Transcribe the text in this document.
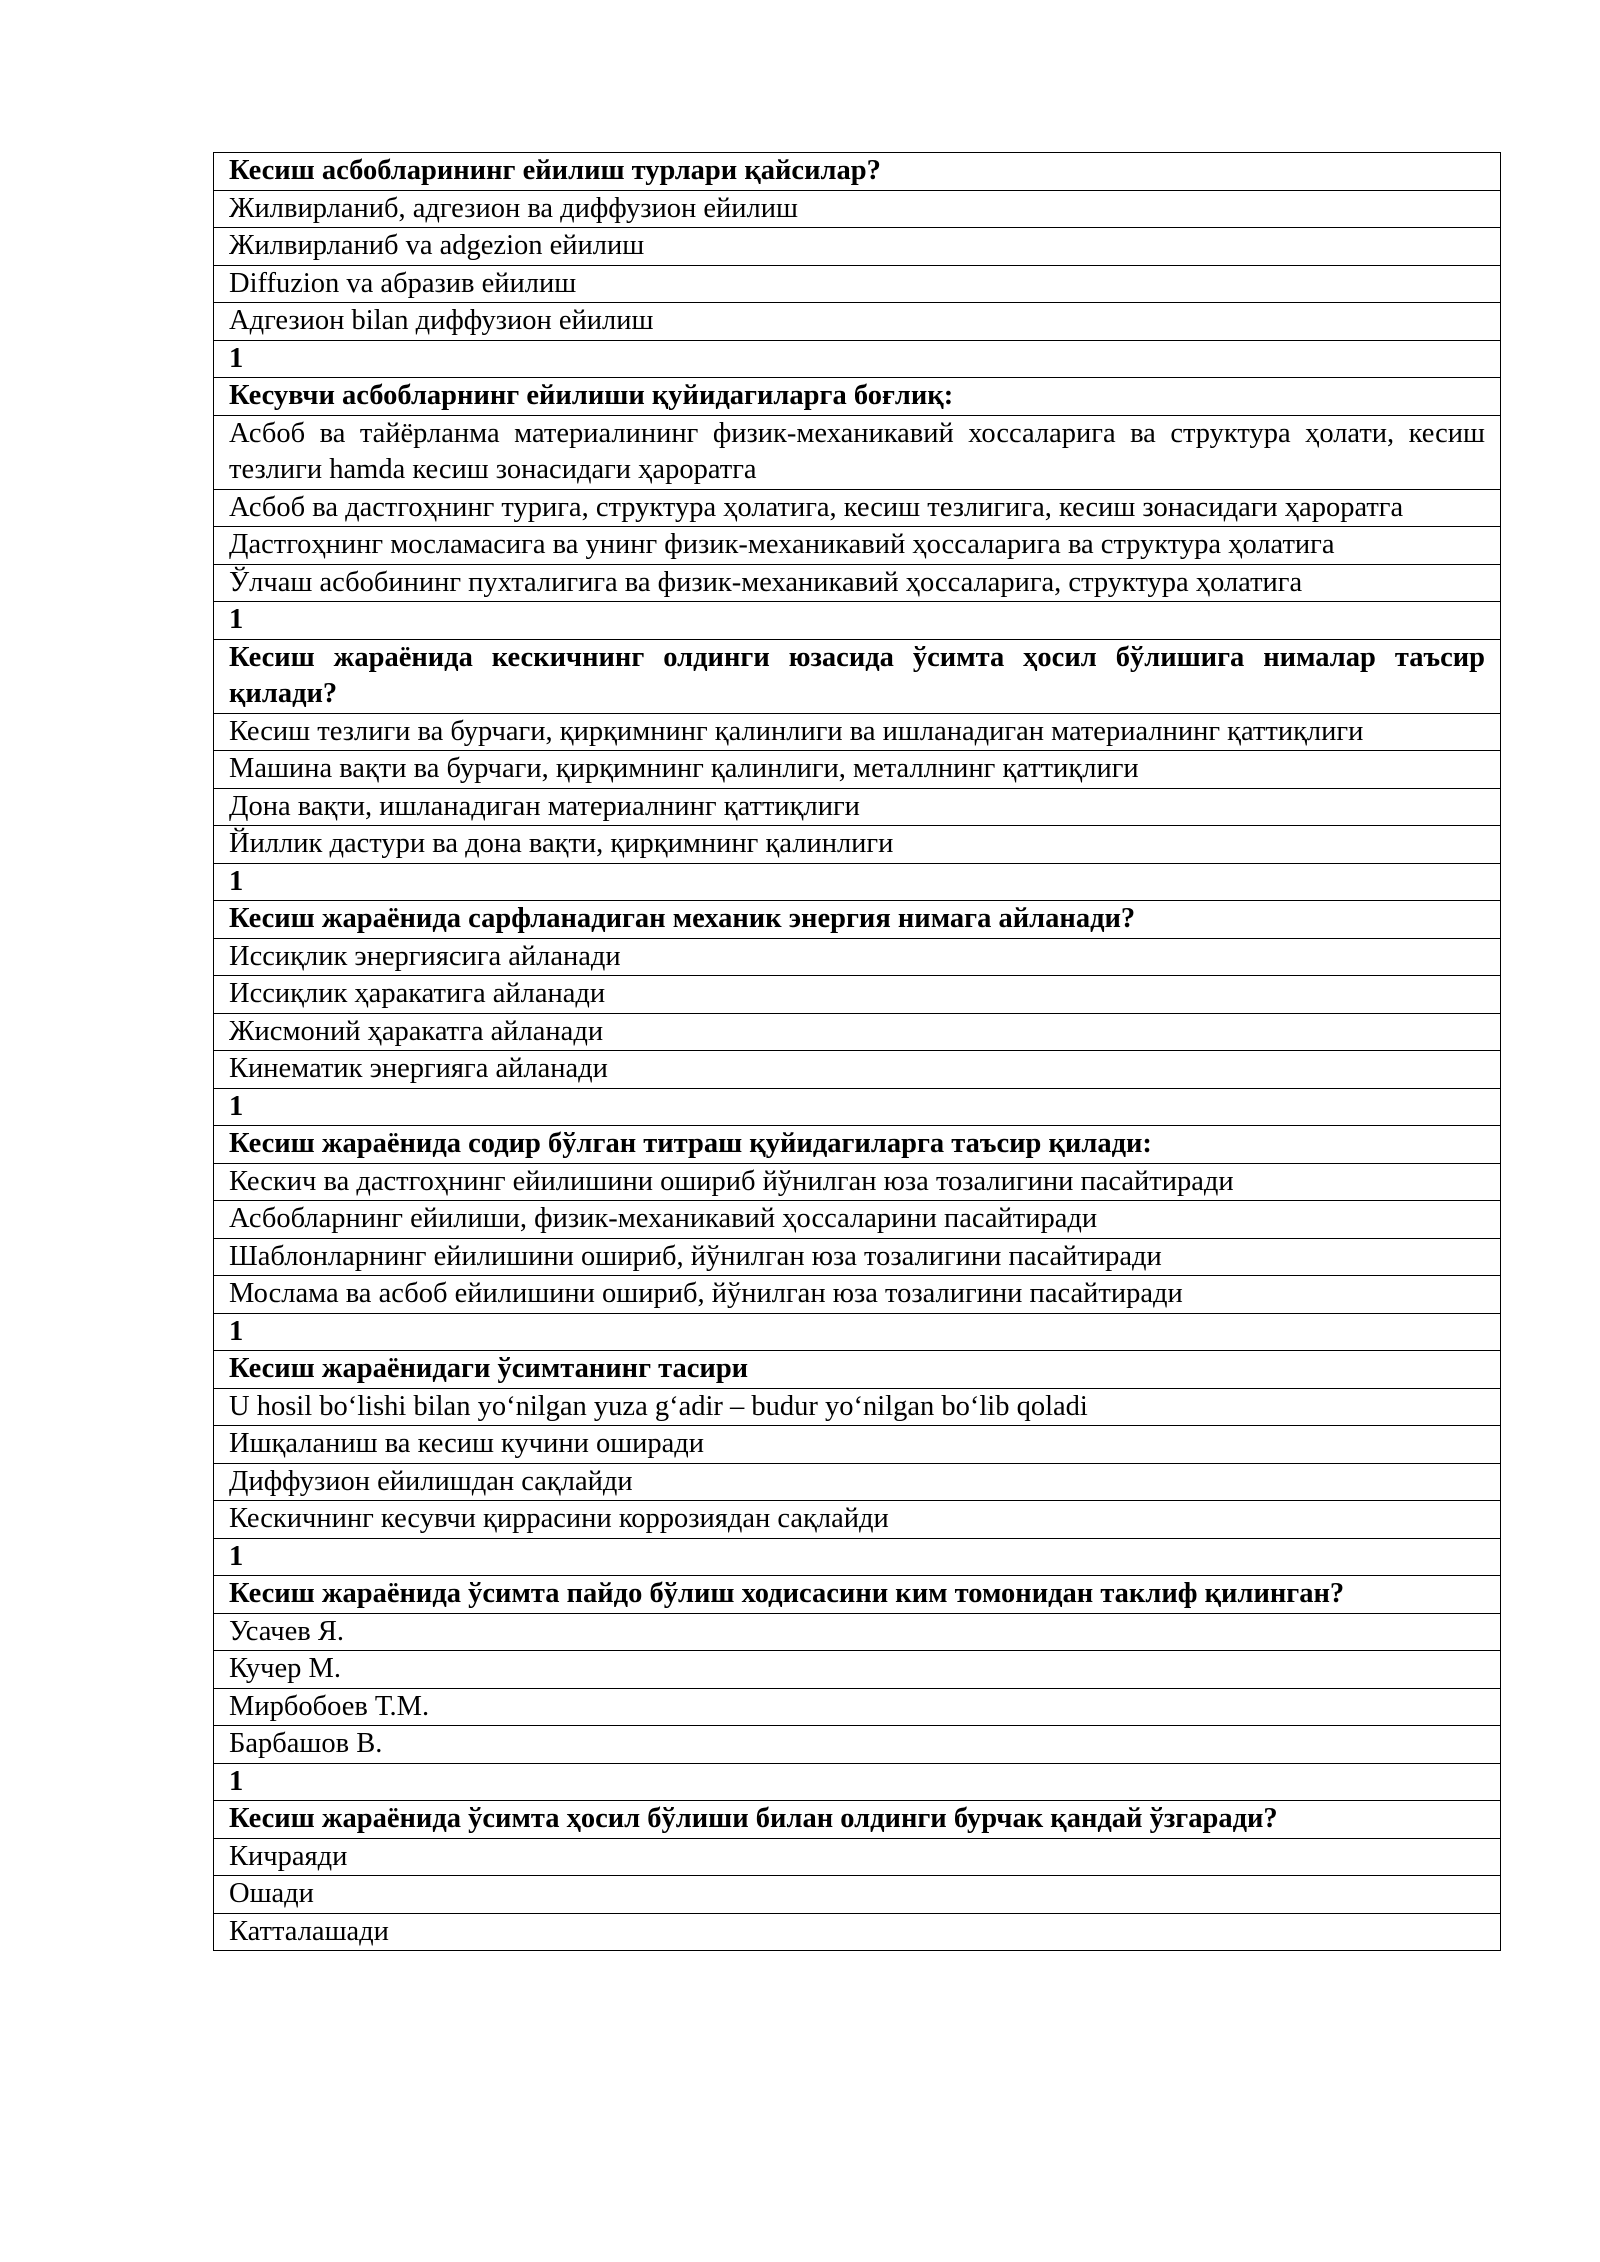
Кесиш асбобларининг ейилиш турлари қайсилар?
Жилвирланиб, адгезион ва диффузион ейилиш
Жилвирланиб va adgezion ейилиш
Diffuzion va абразив ейилиш
Адгезион bilan диффузион ейилиш
1
Кесувчи асбобларнинг ейилиши қуйидагиларга боғлиқ:
Асбоб ва тайёрланма материалининг физик-механикавий хоссаларига ва структура ҳолати, кесиш тезлиги hamda кесиш зонасидаги ҳароратга
Асбоб ва дастгоҳнинг турига, структура ҳолатига, кесиш тезлигига, кесиш зонасидаги ҳароратга
Дастгоҳнинг мосламасига ва унинг физик-механикавий ҳоссаларига ва структура ҳолатига
Ўлчаш асбобининг пухталигига ва физик-механикавий ҳоссаларига, структура ҳолатига
1
Кесиш жараёнида кескичнинг олдинги юзасида ўсимта ҳосил бўлишига нималар таъсир қилади?
Кесиш тезлиги ва бурчаги, қирқимнинг қалинлиги ва ишланадиган материалнинг қаттиқлиги
Машина вақти ва бурчаги, қирқимнинг қалинлиги, металлнинг қаттиқлиги
Дона вақти, ишланадиган материалнинг қаттиқлиги
Йиллик дастури ва дона вақти, қирқимнинг қалинлиги
1
Кесиш жараёнида сарфланадиган механик энергия нимага айланади?
Иссиқлик энергиясига айланади
Иссиқлик ҳаракатига айланади
Жисмоний ҳаракатга айланади
Кинематик энергияга айланади
1
Кесиш жараёнида содир бўлган титраш қуйидагиларга таъсир қилади:
Кескич ва дастгоҳнинг ейилишини ошириб йўнилган юза тозалигини пасайтиради
Асбобларнинг ейилиши, физик-механикавий ҳоссаларини пасайтиради
Шаблонларнинг ейилишини ошириб, йўнилган юза тозалигини пасайтиради
Мослама ва асбоб ейилишини ошириб, йўнилган юза тозалигини пасайтиради
1
Кесиш жараёнидаги ўсимтанинг тасири
U hosil bo‘lishi bilan yo‘nilgan yuza g‘adir – budur yo‘nilgan bo‘lib qoladi
Ишқаланиш ва кесиш кучини оширади
Диффузион ейилишдан сақлайди
Кескичнинг кесувчи қиррасини коррозиядан сақлайди
1
Кесиш жараёнида ўсимта пайдо бўлиш ходисасини ким томонидан таклиф қилинган?
Усачев Я.
Кучер М.
Мирбобоев Т.М.
Барбашов В.
1
Кесиш жараёнида ўсимта ҳосил бўлиши билан олдинги бурчак қандай ўзгаради?
Кичраяди
Ошади
Катталашади
